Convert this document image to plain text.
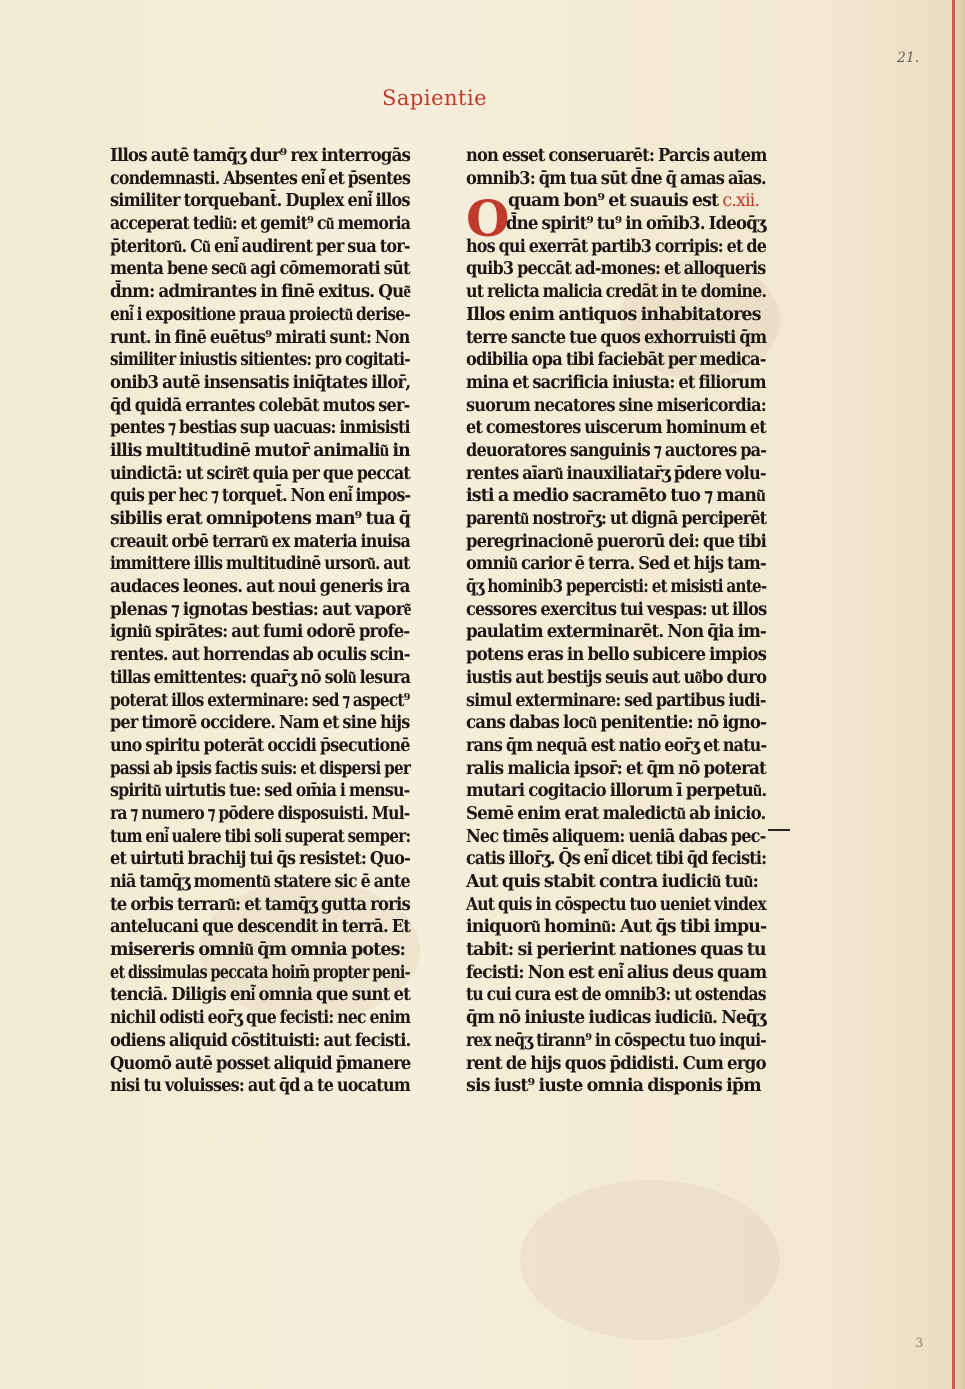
21.
Sapientie
3
Illos autē tamq̄ʒ dur⁹ rex interrogās
condemnasti. Absentes eni͂ et p̄sentes
similiter torquebant̄. Duplex eni͂ illos
acceperat tediu͂: et gemit⁹ cu͂ memoria
p̄teritoru͂. Cu͂ eni͂ audirent per sua tor-
menta bene secu͂ agi cōmemorati sūt
d̄nm: admirantes in finē exitus. Que͂
eni͂ i expositione praua proiectu͂ derise-
runt. in finē euētus⁹ mirati sunt: Non
similiter iniustis sitientes: pro cogitati-
onib3 autē insensatis iniq̄tates illor̄,
q̄d quidā errantes colebāt mutos ser-
pentes ⁊ bestias sup uacuas: inmisisti
illis multitudinē mutor̄ animaliu͂ in
uindictā: ut scire͂t quia per que peccat
quis per hec ⁊ torquet̄. Non eni͂ impos-
sibilis erat omnipotens man⁹ tua q̄
creauit orbē terraru͂ ex materia inuisa
immittere illis multitudinē ursoru͂. aut
audaces leones. aut noui generis ira
plenas ⁊ ignotas bestias: aut vapore͂
igniu͂ spirātes: aut fumi odorē profe-
rentes. aut horrendas ab oculis scin-
tillas emittentes: quar̄ʒ nō solu͂ lesura
poterat illos exterminare: sed ⁊ aspect⁹
per timorē occidere. Nam et sine hijs
uno spiritu poterāt occidi p̄secutionē
passi ab ipsis factis suis: et dispersi per
spiritu͂ uirtutis tue: sed om̄ia i mensu-
ra ⁊ numero ⁊ pōdere disposuisti. Mul-
tum eni͂ ualere tibi soli superat semper:
et uirtuti brachij tui q̄s resistet: Quo-
niā tamq̄ʒ momentu͂ statere sic ē ante
te orbis terraru͂: et tamq̄ʒ gutta roris
antelucani que descendit in terrā. Et
misereris omniu͂ q̄m omnia potes:
et dissimulas peccata hoim̄ propter peni-
tenciā. Diligis eni͂ omnia que sunt et
nichil odisti eor̄ʒ que fecisti: nec enim
odiens aliquid cōstituisti: aut fecisti.
Quomō autē posset aliquid p̄manere
nisi tu voluisses: aut q̄d a te uocatum
O
non esset conseruarēt: Parcis autem
omnib3: q̄m tua sūt d̄ne q̄ amas aīas.
quam bon⁹ et suauis est c.xii.
d̄ne spirit⁹ tu⁹ in om̄ib3. Ideoq̄ʒ
hos qui exerrāt partib3 corripis: et de
quib3 peccāt ad-mones: et alloqueris
ut relicta malicia credāt in te domine.
Illos enim antiquos inhabitatores
terre sancte tue quos exhorruisti q̄m
odibilia opa tibi faciebāt per medica-
mina et sacrificia iniusta: et filiorum
suorum necatores sine misericordia:
et comestores uiscerum hominum et
deuoratores sanguinis ⁊ auctores pa-
rentes aīaru͂ inauxiliatar̄ʒ p̄dere volu-
isti a medio sacramēto tuo ⁊ manu͂
parentu͂ nostror̄ʒ: ut dignā perciperēt
peregrinacionē puerorū dei: que tibi
omniu͂ carior ē terra. Sed et hijs tam-
q̄ʒ hominib3 pepercisti: et misisti ante-
cessores exercitus tui vespas: ut illos
paulatim exterminarēt. Non q̄ia im-
potens eras in bello subicere impios
iustis aut bestijs seuis aut uo͂bo duro
simul exterminare: sed partibus iudi-
cans dabas locu͂ penitentie: nō igno-
rans q̄m nequā est natio eor̄ʒ et natu-
ralis malicia ipsor̄: et q̄m nō poterat
mutari cogitacio illorum ī perpetuu͂.
Semē enim erat maledictu͂ ab inicio.
Nec timēs aliquem: ueniā dabas pec-
catis illor̄ʒ. Q̄s eni͂ dicet tibi q̄d fecisti:
Aut quis stabit contra iudiciu͂ tuu͂:
Aut quis in cōspectu tuo ueniet vindex
iniquoru͂ hominu͂: Aut q̄s tibi impu-
tabit: si perierint nationes quas tu
fecisti: Non est eni͂ alius deus quam
tu cui cura est de omnib3: ut ostendas
q̄m nō iniuste iudicas iudiciu͂. Neq̄ʒ
rex neq̄ʒ tirann⁹ in cōspectu tuo inqui-
rent de hijs quos p̄didisti. Cum ergo
sis iust⁹ iuste omnia disponis ip̄m
